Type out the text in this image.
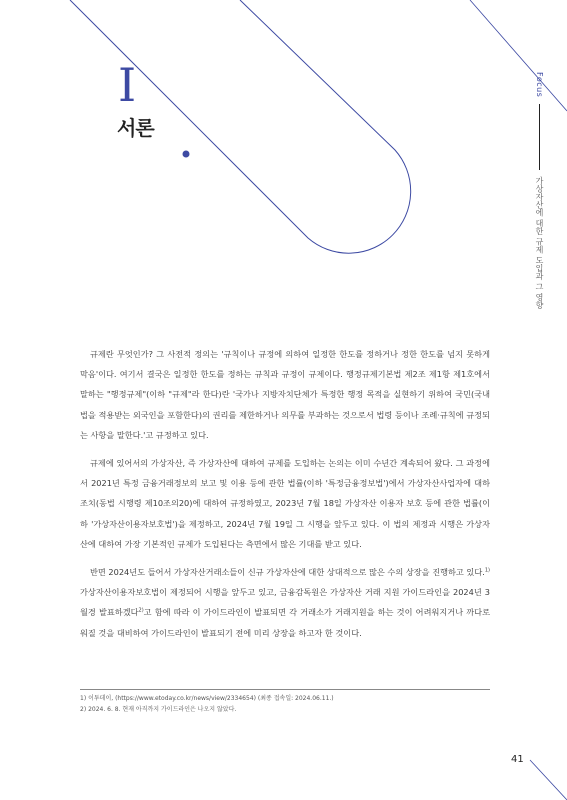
I
서론
Focus  가상자산에 대한 규제 도입과 그 영향

규제란 무엇인가? 그 사전적 정의는 '규칙이나 규정에 의하여 일정한 한도를 정하거나 정한 한도를 넘지 못하게 막음'이다. 여기서 결국은 일정한 한도를 정하는 규칙과 규정이 규제이다. 행정규제기본법 제2조 제1항 제1호에서 말하는 "행정규제"(이하 "규제"라 한다)란 '국가나 지방자치단체가 특정한 행정 목적을 실현하기 위하여 국민(국내법을 적용받는 외국인을 포함한다)의 권리를 제한하거나 의무를 부과하는 것으로서 법령 등이나 조례·규칙에 규정되는 사항을 말한다.'고 규정하고 있다.

규제에 있어서의 가상자산, 즉 가상자산에 대하여 규제를 도입하는 논의는 이미 수년간 계속되어 왔다. 그 과정에서 2021년 특정 금융거래정보의 보고 및 이용 등에 관한 법률(이하 '특정금융정보법')에서 가상자산사업자에 대하 조치(동법 시행령 제10조의20)에 대하여 규정하였고, 2023년 7월 18일 가상자산 이용자 보호 등에 관한 법률(이하 '가상자산이용자보호법')을 제정하고, 2024년 7월 19일 그 시행을 앞두고 있다. 이 법의 제정과 시행은 가상자산에 대하여 가장 기본적인 규제가 도입된다는 측면에서 많은 기대를 받고 있다.

반면 2024년도 들어서 가상자산거래소들이 신규 가상자산에 대한 상대적으로 많은 수의 상장을 진행하고 있다.$^{1)}$ 가상자산이용자보호법이 제정되어 시행을 앞두고 있고, 금융감독원은 가상자산 거래 지원 가이드라인을 2024년 3월경 발표하겠다$^{2)}$고 함에 따라 이 가이드라인이 발표되면 각 거래소가 거래지원을 하는 것이 어려워지거나 까다로워질 것을 대비하여 가이드라인이 발표되기 전에 미리 상장을 하고자 한 것이다.

1) 이투데이, (https://www.etoday.co.kr/news/view/2334654) (최종 접속일: 2024.06.11.)
2) 2024. 6. 8. 현재 아직까지 가이드라인은 나오지 않았다.
41
